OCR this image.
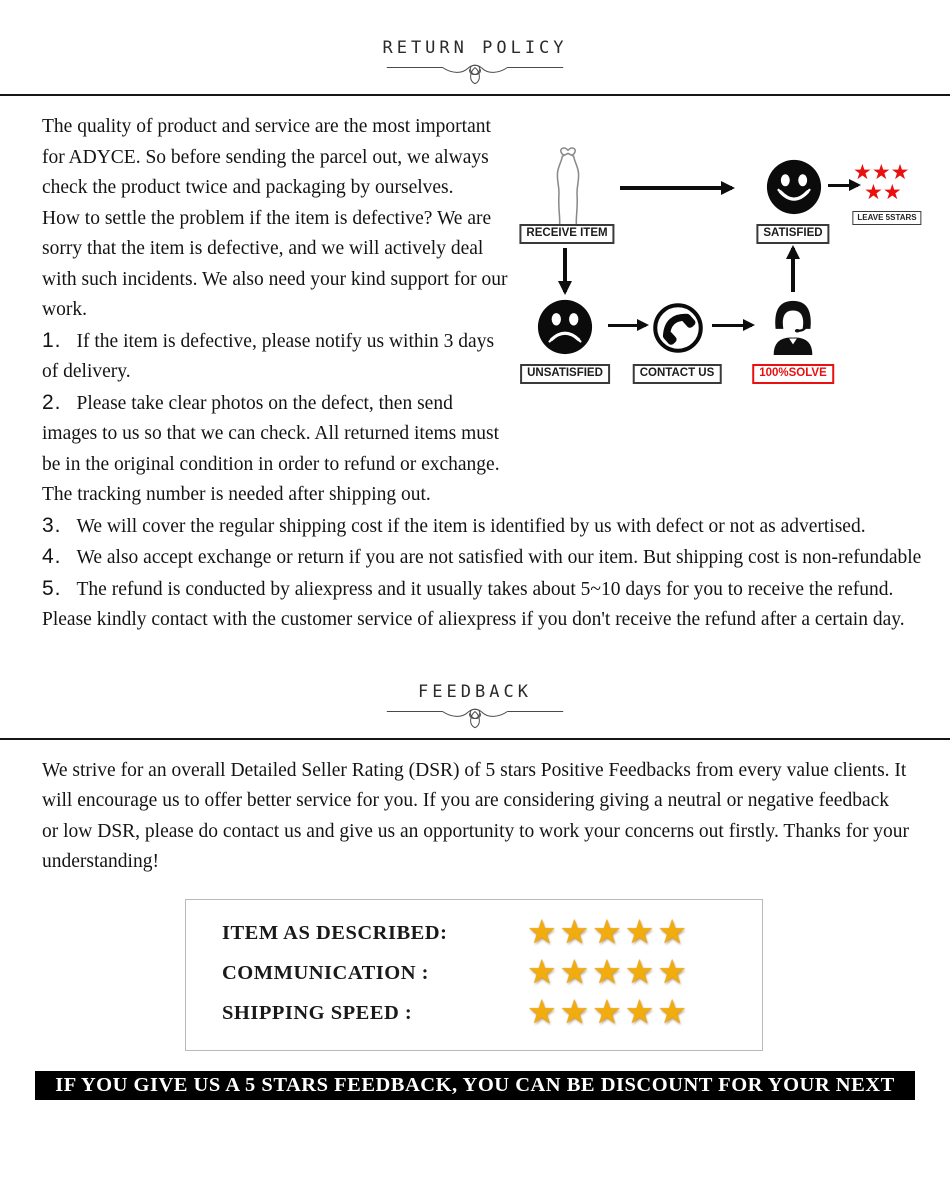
RETURN POLICY
RECEIVE ITEM	SATISFIED
★★★
★★
LEAVE 5STARS
UNSATISFIED	CONTACT US	100%SOLVE

The quality of product and service are the most important for ADYCE. So before sending the parcel out, we always check the product twice and packaging by ourselves.

How to settle the problem if the item is defective? We are sorry that the item is defective, and we will actively deal with such incidents. We also need your kind support for our work.

1. If the item is defective, please notify us within 3 days of delivery.

2. Please take clear photos on the defect, then send images to us so that we can check. All returned items must be in the original condition in order to refund or exchange. The tracking number is needed after shipping out.

3. We will cover the regular shipping cost if the item is identified by us with defect or not as advertised.

4. We also accept exchange or return if you are not satisfied with our item. But shipping cost is non-refundable

5. The refund is conducted by aliexpress and it usually takes about 5~10 days for you to receive the refund. Please kindly contact with the customer service of aliexpress if you don't receive the refund after a certain day.

FEEDBACK

We strive for an overall Detailed Seller Rating (DSR) of 5 stars Positive Feedbacks from every value clients. It will encourage us to offer better service for you. If you are considering giving a neutral or negative feedback or low DSR, please do contact us and give us an opportunity to work your concerns out firstly. Thanks for your understanding!

ITEM AS DESCRIBED:	★★★★★
COMMUNICATION :	★★★★★
SHIPPING SPEED :	★★★★★
IF YOU GIVE US A 5 STARS FEEDBACK, YOU CAN BE DISCOUNT FOR YOUR NEXT ORDER
